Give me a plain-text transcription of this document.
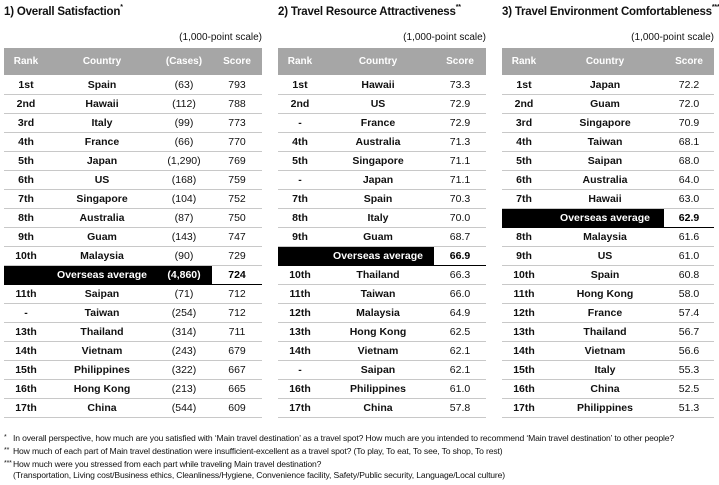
1) Overall Satisfaction*
(1,000-point scale)
Rank	Country	(Cases)	Score
1st	Spain	(63)	793
2nd	Hawaii	(112)	788
3rd	Italy	(99)	773
4th	France	(66)	770
5th	Japan	(1,290)	769
6th	US	(168)	759
7th	Singapore	(104)	752
8th	Australia	(87)	750
9th	Guam	(143)	747
10th	Malaysia	(90)	729
	Overseas average	(4,860)	724
11th	Saipan	(71)	712
-	Taiwan	(254)	712
13th	Thailand	(314)	711
14th	Vietnam	(243)	679
15th	Philippines	(322)	667
16th	Hong Kong	(213)	665
17th	China	(544)	609
2) Travel Resource Attractiveness**
(1,000-point scale)
Rank	Country	Score
1st	Hawaii	73.3
2nd	US	72.9
-	France	72.9
4th	Australia	71.3
5th	Singapore	71.1
-	Japan	71.1
7th	Spain	70.3
8th	Italy	70.0
9th	Guam	68.7
	Overseas average	66.9
10th	Thailand	66.3
11th	Taiwan	66.0
12th	Malaysia	64.9
13th	Hong Kong	62.5
14th	Vietnam	62.1
-	Saipan	62.1
16th	Philippines	61.0
17th	China	57.8
3) Travel Environment Comfortableness***
(1,000-point scale)
Rank	Country	Score
1st	Japan	72.2
2nd	Guam	72.0
3rd	Singapore	70.9
4th	Taiwan	68.1
5th	Saipan	68.0
6th	Australia	64.0
7th	Hawaii	63.0
	Overseas average	62.9
8th	Malaysia	61.6
9th	US	61.0
10th	Spain	60.8
11th	Hong Kong	58.0
12th	France	57.4
13th	Thailand	56.7
14th	Vietnam	56.6
15th	Italy	55.3
16th	China	52.5
17th	Philippines	51.3
* In overall perspective, how much are you satisfied with ‘Main travel destination’ as a travel spot? How much are you intended to recommend ‘Main travel destination’ to other people?
** How much of each part of Main travel destination were insufficient-excellent as a travel spot? (To play, To eat, To see, To shop, To rest)
***How much were you stressed from each part while traveling Main travel destination?
(Transportation, Living cost/Business ethics, Cleanliness/Hygiene, Convenience facility, Safety/Public security, Language/Local culture)
